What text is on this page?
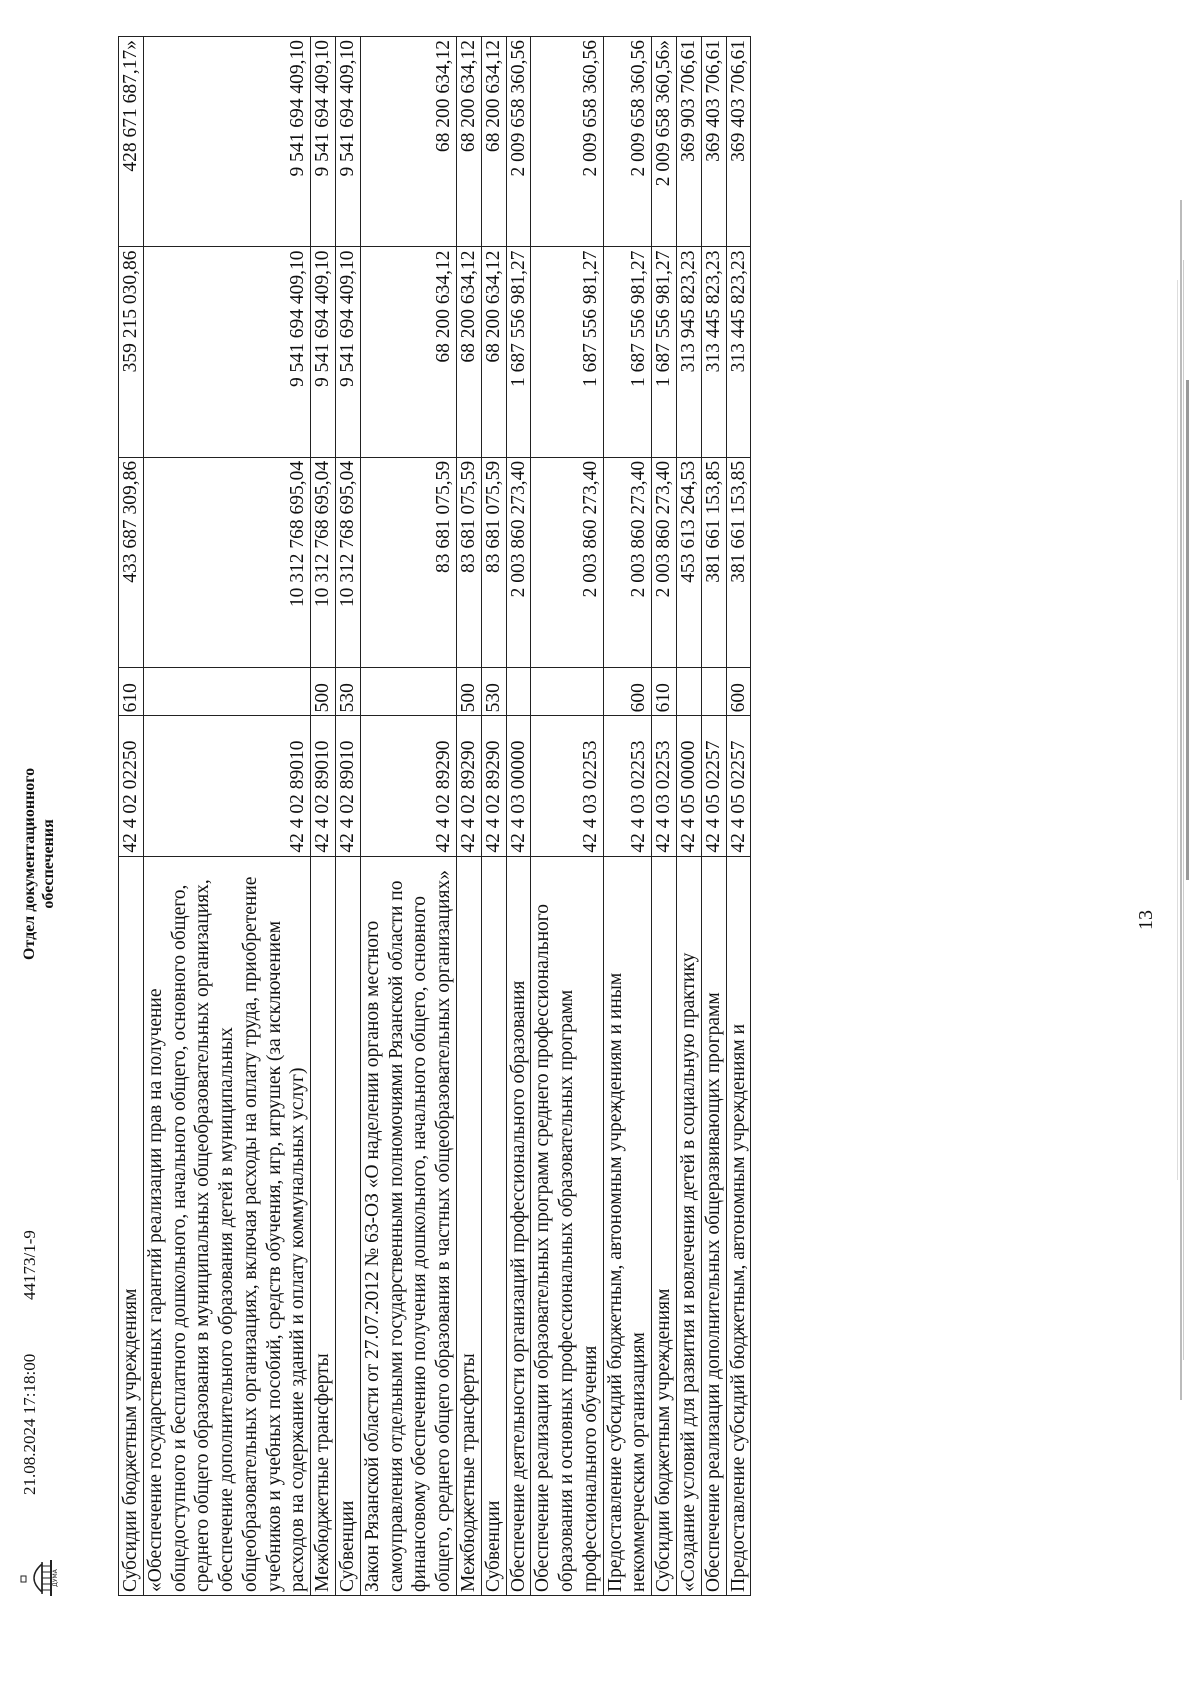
13
Субсидии бюджетным учреждениям	42 4 02 02250	610	433 687 309,86	359 215 030,86	428 671 687,17»
«Обеспечение государственных гарантий реализации прав на получение общедоступного и бесплатного дошкольного, начального общего, основного общего, среднего общего образования в муниципальных общеобразовательных организациях, обеспечение дополнительного образования детей в муниципальных общеобразовательных организациях, включая расходы на оплату труда, приобретение учебников и учебных пособий, средств обучения, игр, игрушек (за исключением расходов на содержание зданий и оплату коммунальных услуг)	42 4 02 89010		10 312 768 695,04	9 541 694 409,10	9 541 694 409,10
Межбюджетные трансферты	42 4 02 89010	500	10 312 768 695,04	9 541 694 409,10	9 541 694 409,10
Субвенции	42 4 02 89010	530	10 312 768 695,04	9 541 694 409,10	9 541 694 409,10
Закон Рязанской области от 27.07.2012 № 63-ОЗ «О наделении органов местного самоуправления отдельными государственными полномочиями Рязанской области по финансовому обеспечению получения дошкольного, начального общего, основного общего, среднего общего образования в частных общеобразовательных организациях»	42 4 02 89290		83 681 075,59	68 200 634,12	68 200 634,12
Межбюджетные трансферты	42 4 02 89290	500	83 681 075,59	68 200 634,12	68 200 634,12
Субвенции	42 4 02 89290	530	83 681 075,59	68 200 634,12	68 200 634,12
Обеспечение деятельности организаций профессионального образования	42 4 03 00000		2 003 860 273,40	1 687 556 981,27	2 009 658 360,56
Обеспечение реализации образовательных программ среднего профессионального образования и основных профессиональных образовательных программ профессионального обучения	42 4 03 02253		2 003 860 273,40	1 687 556 981,27	2 009 658 360,56
Предоставление субсидий бюджетным, автономным учреждениям и иным некоммерческим организациям	42 4 03 02253	600	2 003 860 273,40	1 687 556 981,27	2 009 658 360,56
Субсидии бюджетным учреждениям	42 4 03 02253	610	2 003 860 273,40	1 687 556 981,27	2 009 658 360,56»
«Создание условий для развития и вовлечения детей в социальную практику	42 4 05 00000		453 613 264,53	313 945 823,23	369 903 706,61
Обеспечение реализации дополнительных общеразвивающих программ	42 4 05 02257		381 661 153,85	313 445 823,23	369 403 706,61
Предоставление субсидий бюджетным, автономным учреждениям и	42 4 05 02257	600	381 661 153,85	313 445 823,23	369 403 706,61
ДУМА
21.08.2024 17:18:00
44173/1-9
Отдел документационного обеспечения
